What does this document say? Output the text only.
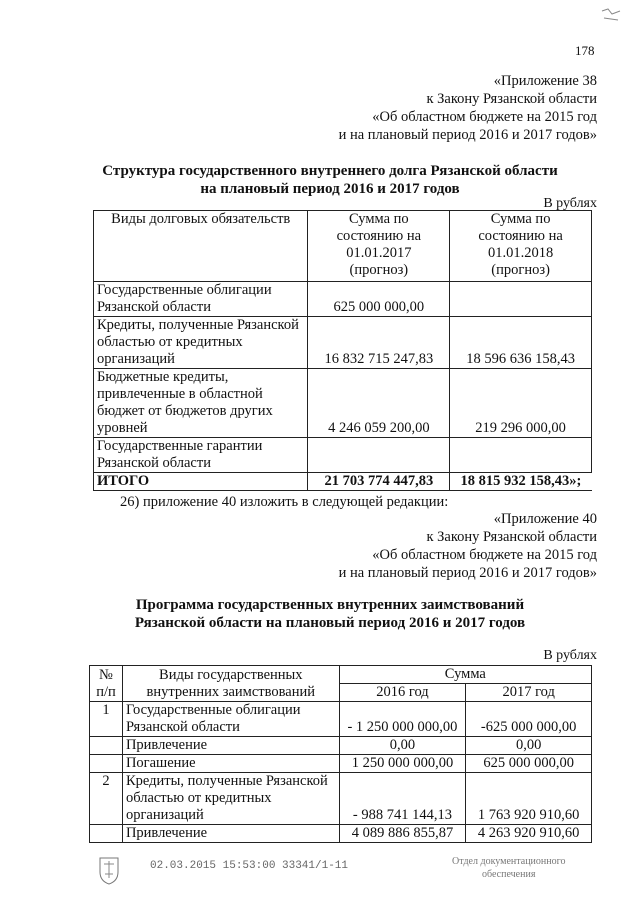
178
«Приложение 38
к Закону Рязанской области
«Об областном бюджете на 2015 год
и на плановый период 2016 и 2017 годов»
Структура государственного внутреннего долга Рязанской области
на плановый период 2016 и 2017 годов
В рублях
Виды долговых обязательств	Сумма по состоянию на 01.01.2017 (прогноз)	Сумма по состоянию на 01.01.2018 (прогноз)
Государственные облигации Рязанской области	625 000 000,00	
Кредиты, полученные Рязанской областью от кредитных организаций	16 832 715 247,83	18 596 636 158,43
Бюджетные кредиты, привлеченные в областной бюджет от бюджетов других уровней	4 246 059 200,00	219 296 000,00
Государственные гарантии Рязанской области		
ИТОГО	21 703 774 447,83	18 815 932 158,43»;
26) приложение 40 изложить в следующей редакции:
«Приложение 40
к Закону Рязанской области
«Об областном бюджете на 2015 год
и на плановый период 2016 и 2017 годов»
Программа государственных внутренних заимствований
Рязанской области на плановый период 2016 и 2017 годов
В рублях
№ п/п	Виды государственных внутренних заимствований	Сумма	
		2016 год	2017 год
1	Государственные облигации Рязанской области	- 1 250 000 000,00	-625 000 000,00
	Привлечение	0,00	0,00
	Погашение	1 250 000 000,00	625 000 000,00
2	Кредиты, полученные Рязанской областью от кредитных организаций	- 988 741 144,13	1 763 920 910,60
	Привлечение	4 089 886 855,87	4 263 920 910,60
02.03.2015 15:53:00 33341/1-11	Отдел документационного
обеспечения
